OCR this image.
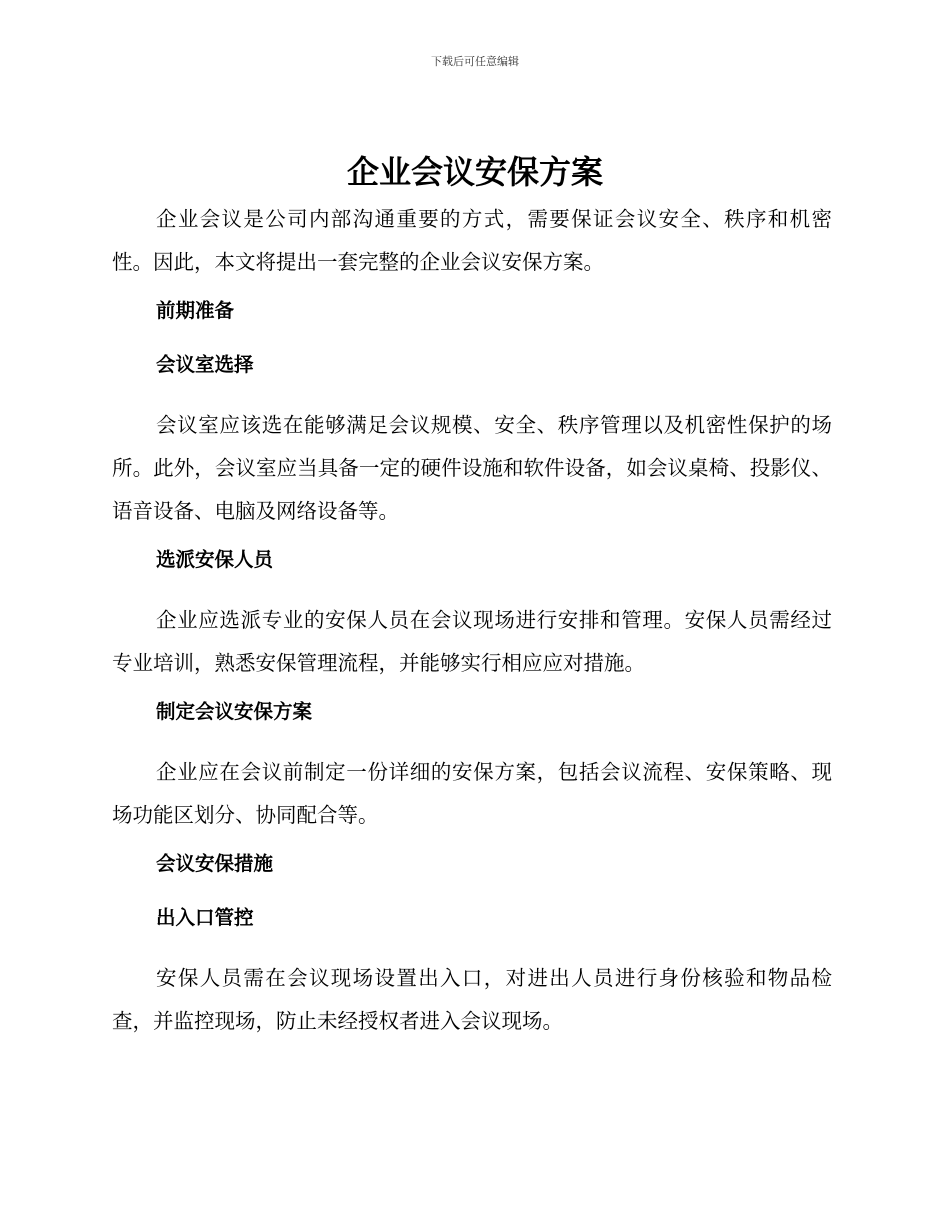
下载后可任意编辑
企业会议安保方案

企业会议是公司内部沟通重要的方式，需要保证会议安全、秩序和机密性。因此，本文将提出一套完整的企业会议安保方案。

前期准备
会议室选择

会议室应该选在能够满足会议规模、安全、秩序管理以及机密性保护的场所。此外，会议室应当具备一定的硬件设施和软件设备，如会议桌椅、投影仪、语音设备、电脑及网络设备等。

选派安保人员

企业应选派专业的安保人员在会议现场进行安排和管理。安保人员需经过专业培训，熟悉安保管理流程，并能够实行相应应对措施。

制定会议安保方案

企业应在会议前制定一份详细的安保方案，包括会议流程、安保策略、现场功能区划分、协同配合等。

会议安保措施
出入口管控

安保人员需在会议现场设置出入口，对进出人员进行身份核验和物品检查，并监控现场，防止未经授权者进入会议现场。
